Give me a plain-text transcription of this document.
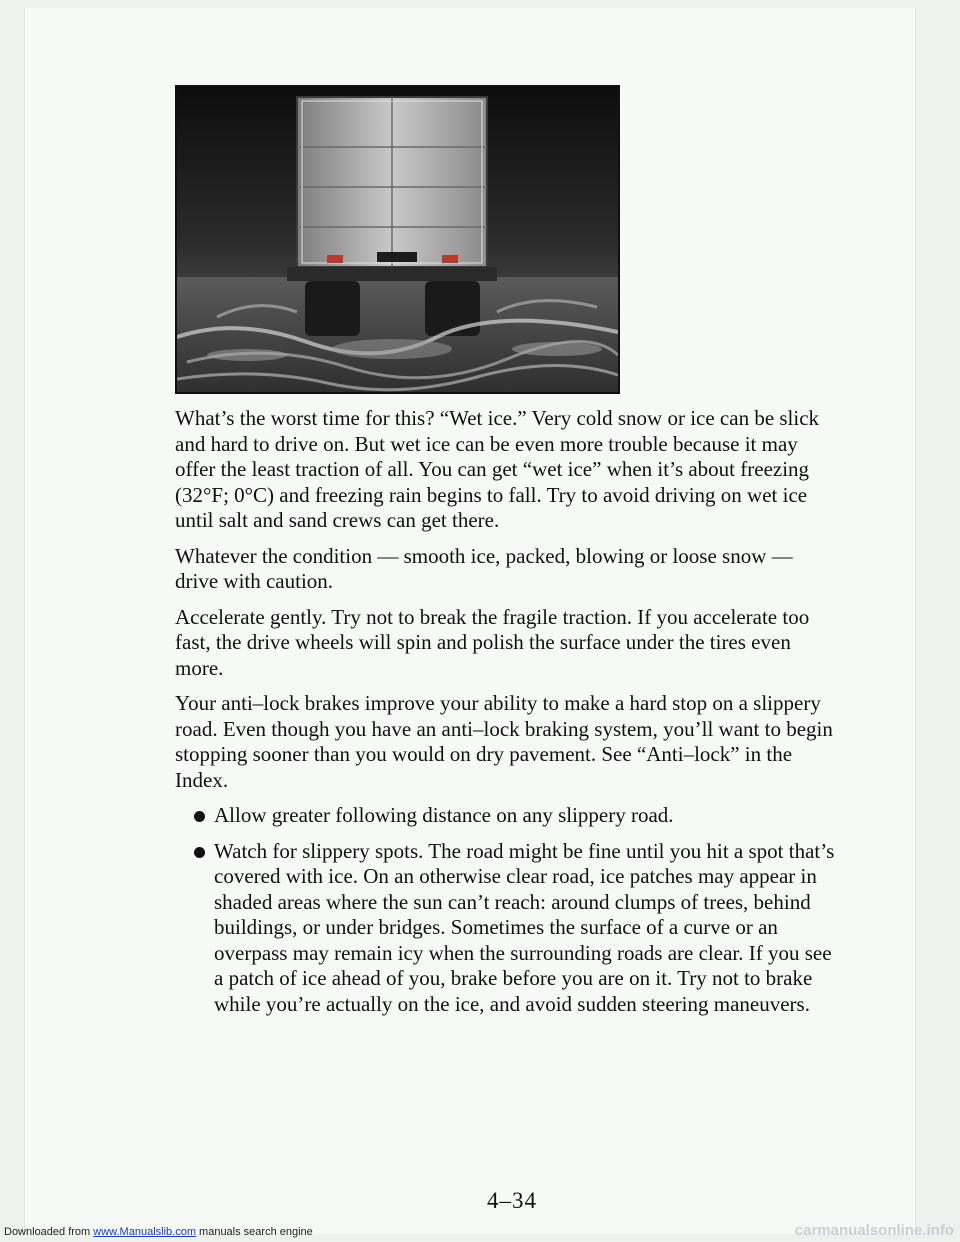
What’s the worst time for this? “Wet ice.” Very cold snow or ice can be slick and hard to drive on. But wet ice can be even more trouble because it may offer the least traction of all. You can get “wet ice” when it’s about freezing (32°F; 0°C) and freezing rain begins to fall. Try to avoid driving on wet ice until salt and sand crews can get there.

Whatever the condition — smooth ice, packed, blowing or loose snow — drive with caution.

Accelerate gently. Try not to break the fragile traction. If you accelerate too fast, the drive wheels will spin and polish the surface under the tires even more.

Your anti–lock brakes improve your ability to make a hard stop on a slippery road. Even though you have an anti–lock braking system, you’ll want to begin stopping sooner than you would on dry pavement. See “Anti–lock” in the Index.

Allow greater following distance on any slippery road.
Watch for slippery spots. The road might be fine until you hit a spot that’s covered with ice. On an otherwise clear road, ice patches may appear in shaded areas where the sun can’t reach: around clumps of trees, behind buildings, or under bridges. Sometimes the surface of a curve or an overpass may remain icy when the surrounding roads are clear. If you see a patch of ice ahead of you, brake before you are on it. Try not to brake while you’re actually on the ice, and avoid sudden steering maneuvers.
4–34
Downloaded from www.Manualslib.com manuals search engine	carmanualsonline.info
